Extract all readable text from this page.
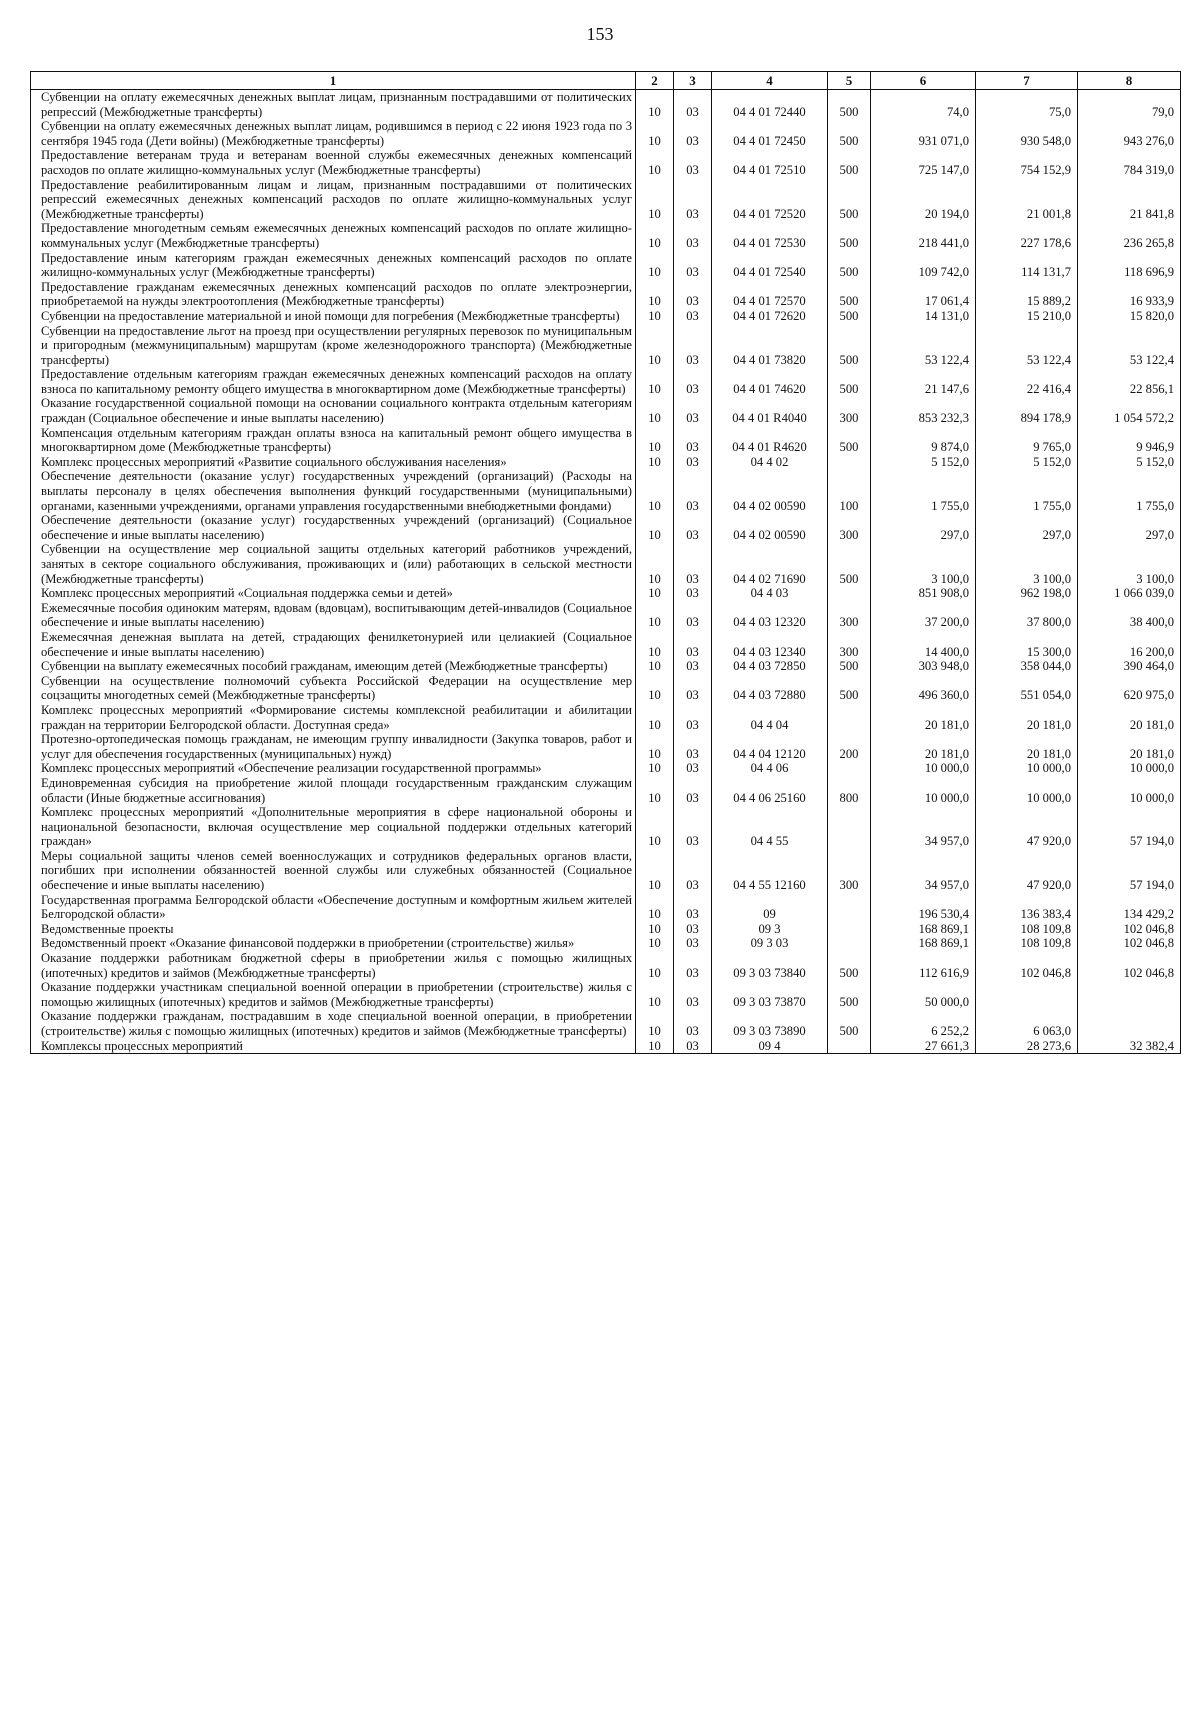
153
1	2	3	4	5	6	7	8
Субвенции на оплату ежемесячных денежных выплат лицам, признанным пострадавшими от политических репрессий (Межбюджетные трансферты)	10	03	04 4 01 72440	500	74,0	75,0	79,0
Субвенции на оплату ежемесячных денежных выплат лицам, родившимся в период с 22 июня 1923 года по 3 сентября 1945 года (Дети войны) (Межбюджетные трансферты)	10	03	04 4 01 72450	500	931 071,0	930 548,0	943 276,0
Предоставление ветеранам труда и ветеранам военной службы ежемесячных денежных компенсаций расходов по оплате жилищно-коммунальных услуг (Межбюджетные трансферты)	10	03	04 4 01 72510	500	725 147,0	754 152,9	784 319,0
Предоставление реабилитированным лицам и лицам, признанным пострадавшими от политических репрессий ежемесячных денежных компенсаций расходов по оплате жилищно-коммунальных услуг (Межбюджетные трансферты)	10	03	04 4 01 72520	500	20 194,0	21 001,8	21 841,8
Предоставление многодетным семьям ежемесячных денежных компенсаций расходов по оплате жилищно-коммунальных услуг (Межбюджетные трансферты)	10	03	04 4 01 72530	500	218 441,0	227 178,6	236 265,8
Предоставление иным категориям граждан ежемесячных денежных компенсаций расходов по оплате жилищно-коммунальных услуг (Межбюджетные трансферты)	10	03	04 4 01 72540	500	109 742,0	114 131,7	118 696,9
Предоставление гражданам ежемесячных денежных компенсаций расходов по оплате электроэнергии, приобретаемой на нужды электроотопления (Межбюджетные трансферты)	10	03	04 4 01 72570	500	17 061,4	15 889,2	16 933,9
Субвенции на предоставление материальной и иной помощи для погребения (Межбюджетные трансферты)	10	03	04 4 01 72620	500	14 131,0	15 210,0	15 820,0
Субвенции на предоставление льгот на проезд при осуществлении регулярных перевозок по муниципальным и пригородным (межмуниципальным) маршрутам (кроме железнодорожного транспорта) (Межбюджетные трансферты)	10	03	04 4 01 73820	500	53 122,4	53 122,4	53 122,4
Предоставление отдельным категориям граждан ежемесячных денежных компенсаций расходов на оплату взноса по капитальному ремонту общего имущества в многоквартирном доме (Межбюджетные трансферты)	10	03	04 4 01 74620	500	21 147,6	22 416,4	22 856,1
Оказание государственной социальной помощи на основании социального контракта отдельным категориям граждан (Социальное обеспечение и иные выплаты населению)	10	03	04 4 01 R4040	300	853 232,3	894 178,9	1 054 572,2
Компенсация отдельным категориям граждан оплаты взноса на капитальный ремонт общего имущества в многоквартирном доме (Межбюджетные трансферты)	10	03	04 4 01 R4620	500	9 874,0	9 765,0	9 946,9
Комплекс процессных мероприятий «Развитие социального обслуживания населения»	10	03	04 4 02		5 152,0	5 152,0	5 152,0
Обеспечение деятельности (оказание услуг) государственных учреждений (организаций) (Расходы на выплаты персоналу в целях обеспечения выполнения функций государственными (муниципальными) органами, казенными учреждениями, органами управления государственными внебюджетными фондами)	10	03	04 4 02 00590	100	1 755,0	1 755,0	1 755,0
Обеспечение деятельности (оказание услуг) государственных учреждений (организаций) (Социальное обеспечение и иные выплаты населению)	10	03	04 4 02 00590	300	297,0	297,0	297,0
Субвенции на осуществление мер социальной защиты отдельных категорий работников учреждений, занятых в секторе социального обслуживания, проживающих и (или) работающих в сельской местности (Межбюджетные трансферты)	10	03	04 4 02 71690	500	3 100,0	3 100,0	3 100,0
Комплекс процессных мероприятий «Социальная поддержка семьи и детей»	10	03	04 4 03		851 908,0	962 198,0	1 066 039,0
Ежемесячные пособия одиноким матерям, вдовам (вдовцам), воспитывающим детей-инвалидов (Социальное обеспечение и иные выплаты населению)	10	03	04 4 03 12320	300	37 200,0	37 800,0	38 400,0
Ежемесячная денежная выплата на детей, страдающих фенилкетонурией или целиакией (Социальное обеспечение и иные выплаты населению)	10	03	04 4 03 12340	300	14 400,0	15 300,0	16 200,0
Субвенции на выплату ежемесячных пособий гражданам, имеющим детей (Межбюджетные трансферты)	10	03	04 4 03 72850	500	303 948,0	358 044,0	390 464,0
Субвенции на осуществление полномочий субъекта Российской Федерации на осуществление мер соцзащиты многодетных семей (Межбюджетные трансферты)	10	03	04 4 03 72880	500	496 360,0	551 054,0	620 975,0
Комплекс процессных мероприятий «Формирование системы комплексной реабилитации и абилитации граждан на территории Белгородской области. Доступная среда»	10	03	04 4 04		20 181,0	20 181,0	20 181,0
Протезно-ортопедическая помощь гражданам, не имеющим группу инвалидности (Закупка товаров, работ и услуг для обеспечения государственных (муниципальных) нужд)	10	03	04 4 04 12120	200	20 181,0	20 181,0	20 181,0
Комплекс процессных мероприятий «Обеспечение реализации государственной программы»	10	03	04 4 06		10 000,0	10 000,0	10 000,0
Единовременная субсидия на приобретение жилой площади государственным гражданским служащим области (Иные бюджетные ассигнования)	10	03	04 4 06 25160	800	10 000,0	10 000,0	10 000,0
Комплекс процессных мероприятий «Дополнительные мероприятия в сфере национальной обороны и национальной безопасности, включая осуществление мер социальной поддержки отдельных категорий граждан»	10	03	04 4 55		34 957,0	47 920,0	57 194,0
Меры социальной защиты членов семей военнослужащих и сотрудников федеральных органов власти, погибших при исполнении обязанностей военной службы или служебных обязанностей (Социальное обеспечение и иные выплаты населению)	10	03	04 4 55 12160	300	34 957,0	47 920,0	57 194,0
Государственная программа Белгородской области «Обеспечение доступным и комфортным жильем жителей Белгородской области»	10	03	09		196 530,4	136 383,4	134 429,2
Ведомственные проекты	10	03	09 3		168 869,1	108 109,8	102 046,8
Ведомственный проект «Оказание финансовой поддержки в приобретении (строительстве) жилья»	10	03	09 3 03		168 869,1	108 109,8	102 046,8
Оказание поддержки работникам бюджетной сферы в приобретении жилья с помощью жилищных (ипотечных) кредитов и займов (Межбюджетные трансферты)	10	03	09 3 03 73840	500	112 616,9	102 046,8	102 046,8
Оказание поддержки участникам специальной военной операции в приобретении (строительстве) жилья с помощью жилищных (ипотечных) кредитов и займов (Межбюджетные трансферты)	10	03	09 3 03 73870	500	50 000,0		
Оказание поддержки гражданам, пострадавшим в ходе специальной военной операции, в приобретении (строительстве) жилья с помощью жилищных (ипотечных) кредитов и займов (Межбюджетные трансферты)	10	03	09 3 03 73890	500	6 252,2	6 063,0	
Комплексы процессных мероприятий	10	03	09 4		27 661,3	28 273,6	32 382,4
